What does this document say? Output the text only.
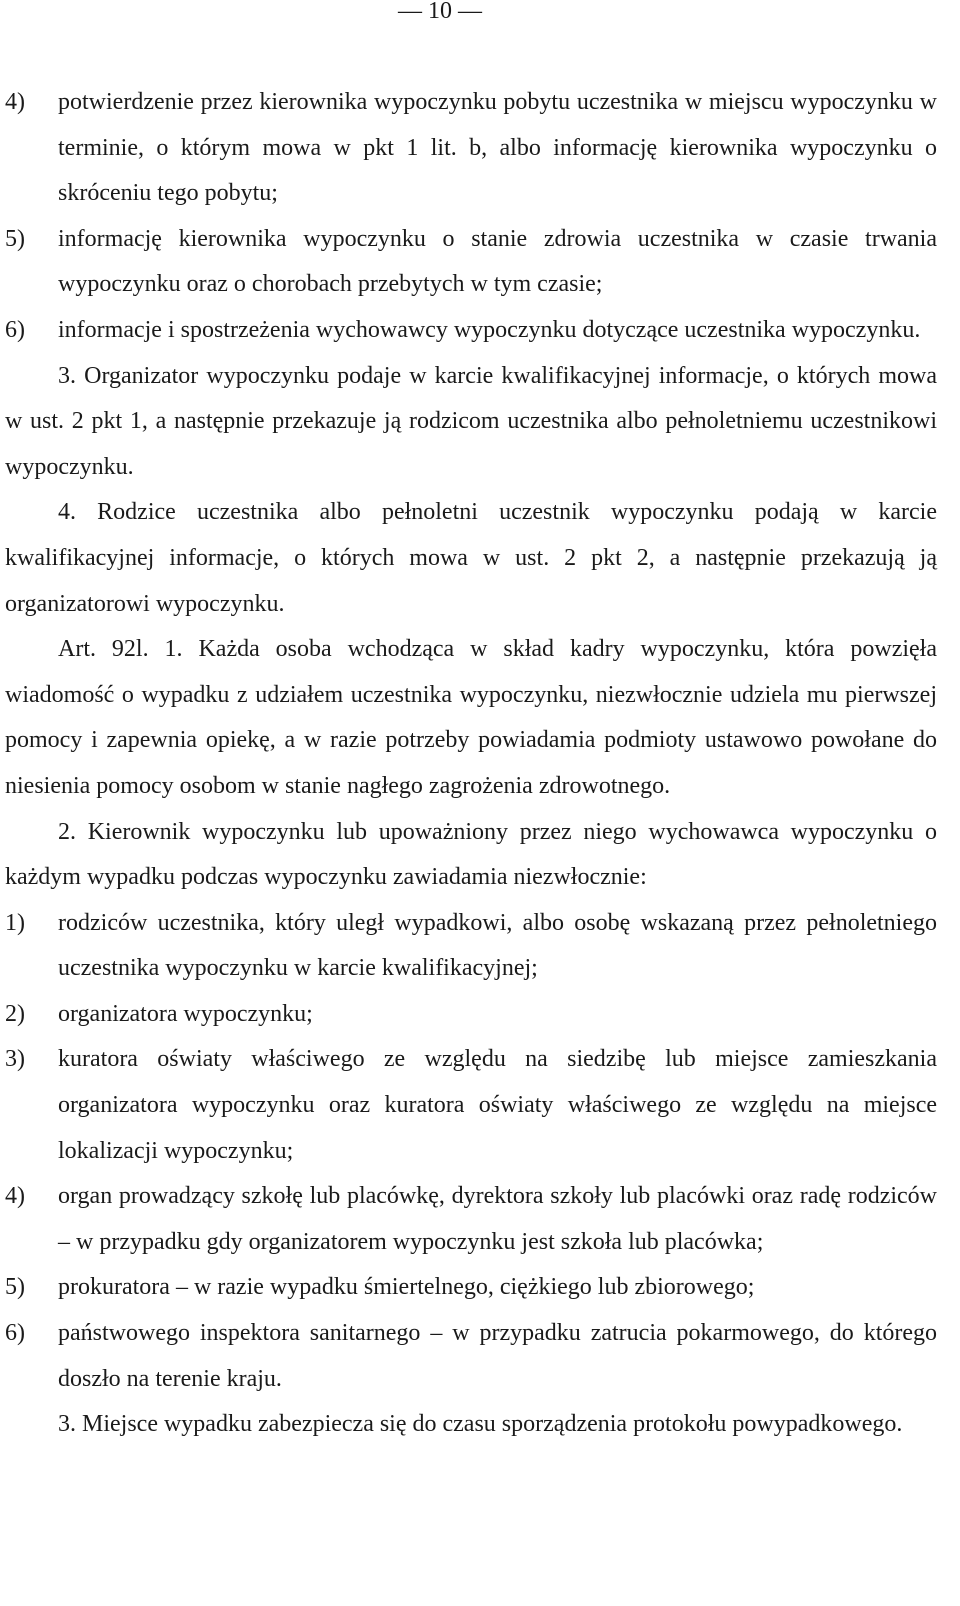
— 10 —
4) potwierdzenie przez kierownika wypoczynku pobytu uczestnika w miejscu wypoczynku w terminie, o którym mowa w pkt 1 lit. b, albo informację kierownika wypoczynku o skróceniu tego pobytu;
5) informację kierownika wypoczynku o stanie zdrowia uczestnika w czasie trwania wypoczynku oraz o chorobach przebytych w tym czasie;
6) informacje i spostrzeżenia wychowawcy wypoczynku dotyczące uczestnika wypoczynku.
3. Organizator wypoczynku podaje w karcie kwalifikacyjnej informacje, o których mowa w ust. 2 pkt 1, a następnie przekazuje ją rodzicom uczestnika albo pełnoletniemu uczestnikowi wypoczynku.
4. Rodzice uczestnika albo pełnoletni uczestnik wypoczynku podają w karcie kwalifikacyjnej informacje, o których mowa w ust. 2 pkt 2, a następnie przekazują ją organizatorowi wypoczynku.
Art. 92l. 1. Każda osoba wchodząca w skład kadry wypoczynku, która powzięła wiadomość o wypadku z udziałem uczestnika wypoczynku, niezwłocznie udziela mu pierwszej pomocy i zapewnia opiekę, a w razie potrzeby powiadamia podmioty ustawowo powołane do niesienia pomocy osobom w stanie nagłego zagrożenia zdrowotnego.
2. Kierownik wypoczynku lub upoważniony przez niego wychowawca wypoczynku o każdym wypadku podczas wypoczynku zawiadamia niezwłocznie:
1) rodziców uczestnika, który uległ wypadkowi, albo osobę wskazaną przez pełnoletniego uczestnika wypoczynku w karcie kwalifikacyjnej;
2) organizatora wypoczynku;
3) kuratora oświaty właściwego ze względu na siedzibę lub miejsce zamieszkania organizatora wypoczynku oraz kuratora oświaty właściwego ze względu na miejsce lokalizacji wypoczynku;
4) organ prowadzący szkołę lub placówkę, dyrektora szkoły lub placówki oraz radę rodziców – w przypadku gdy organizatorem wypoczynku jest szkoła lub placówka;
5) prokuratora – w razie wypadku śmiertelnego, ciężkiego lub zbiorowego;
6) państwowego inspektora sanitarnego – w przypadku zatrucia pokarmowego, do którego doszło na terenie kraju.
3. Miejsce wypadku zabezpiecza się do czasu sporządzenia protokołu powypadkowego.
